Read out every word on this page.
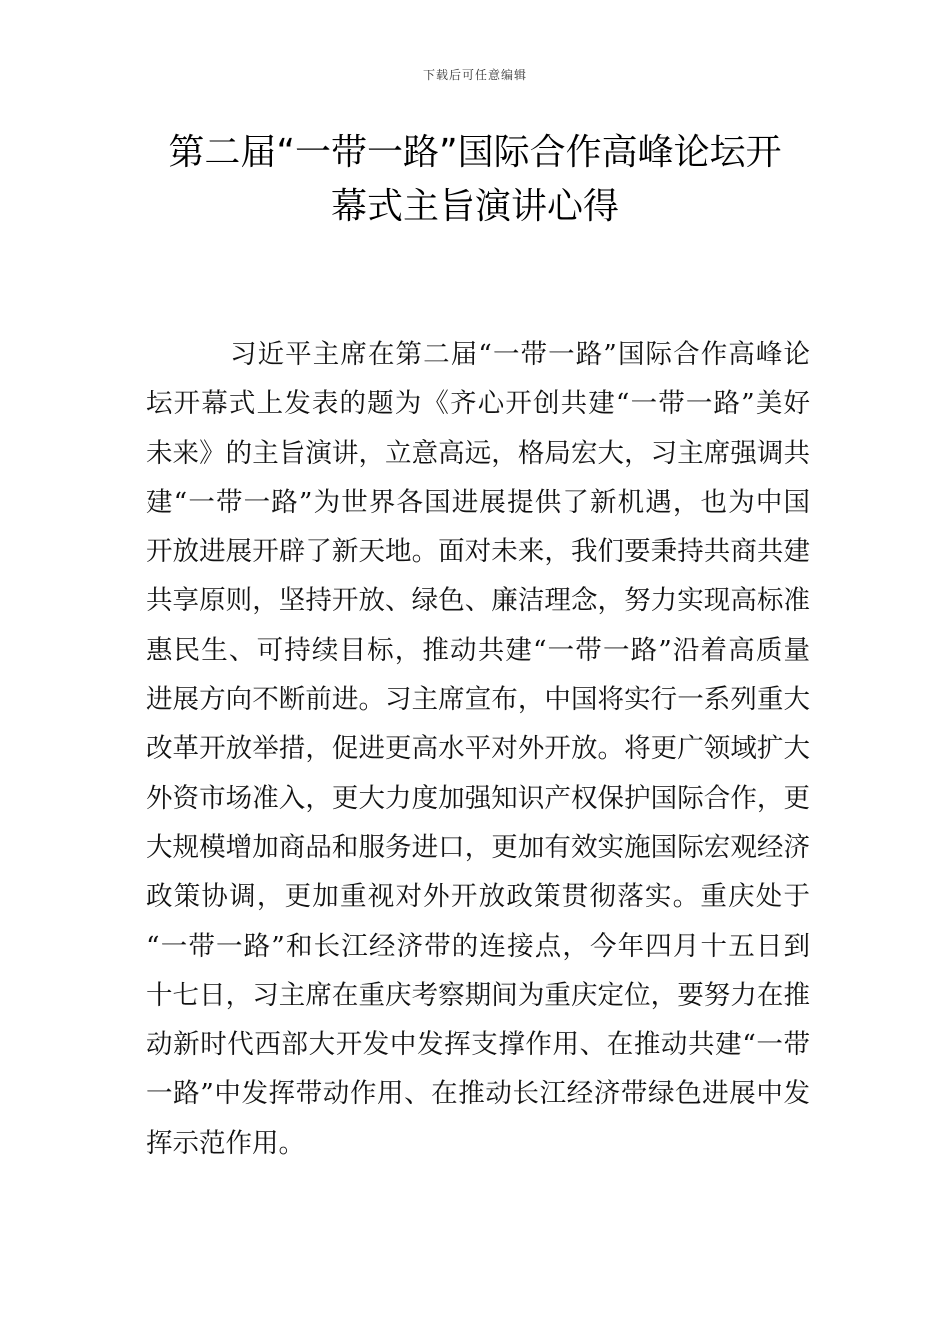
下载后可任意编辑
第二届“一带一路”国际合作高峰论坛开
幕式主旨演讲心得
习近平主席在第二届“一带一路”国际合作高峰论
坛开幕式上发表的题为《齐心开创共建“一带一路”美好
未来》的主旨演讲，立意高远，格局宏大，习主席强调共
建“一带一路”为世界各国进展提供了新机遇，也为中国
开放进展开辟了新天地。面对未来，我们要秉持共商共建
共享原则，坚持开放、绿色、廉洁理念，努力实现高标准
惠民生、可持续目标，推动共建“一带一路”沿着高质量
进展方向不断前进。习主席宣布，中国将实行一系列重大
改革开放举措，促进更高水平对外开放。将更广领域扩大
外资市场准入，更大力度加强知识产权保护国际合作，更
大规模增加商品和服务进口，更加有效实施国际宏观经济
政策协调，更加重视对外开放政策贯彻落实。重庆处于
“一带一路”和长江经济带的连接点，今年四月十五日到
十七日，习主席在重庆考察期间为重庆定位，要努力在推
动新时代西部大开发中发挥支撑作用、在推动共建“一带
一路”中发挥带动作用、在推动长江经济带绿色进展中发
挥示范作用。
